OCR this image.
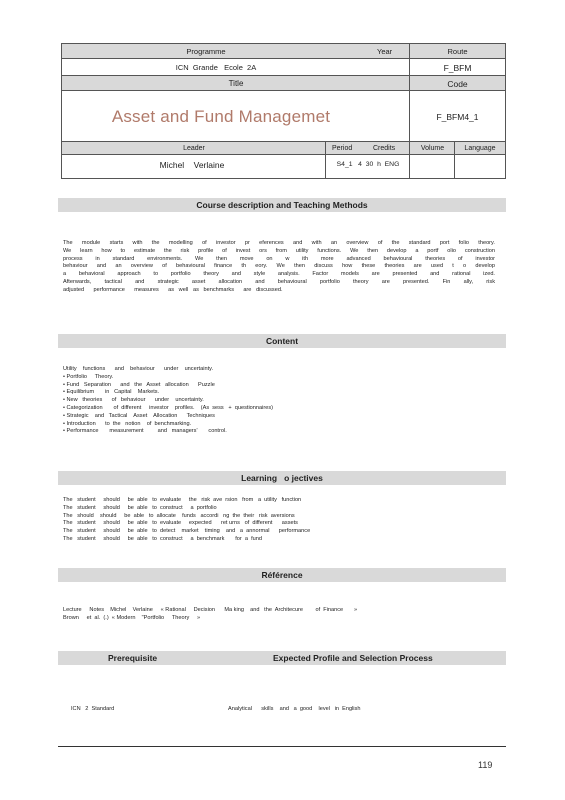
Programme	Year	Route
ICN  Grande   Ecole  2A	F_BFM
Title	Code
Asset and Fund Managemet	F_BFM4_1
Leader	Period	Credits	Volume	Language
Michel    Verlaine	S4_1   4  30  h  ENG
Course description and Teaching Methods
The module starts with the modelling of investor pr eferences and with an overview of the standard port folio theory.
We learn how to estimate the risk profile of invest ors from utility functions. We then develop a portf olio construction
process in standard environments. We then move on w ith more advanced behavioural theories of investor
behaviour and an overview of behavioural finance th eory. We then discuss how these theories are used t o develop
a behavioral approach to portfolio theory and style analysis. Factor models are presented and rational ized.
Afterwards, tactical and strategic asset allocation and behavioural portfolio theory are presented. Fin ally, risk
adjusted      performance      measures      as   well   as   benchmarks      are   discussed.
Content
Utility    functions      and    behaviour      under    uncertainty.
• Portfolio     Theory.
• Fund   Separation      and   the   Asset   allocation      Puzzle
• Equilibrium       in   Capital    Markets.
• New   theories      of   behaviour      under    uncertainty.
• Categorization       of  different     investor    profiles.    (As  sess   +  questionnaires)
• Strategic    and   Tactical    Asset    Allocation      Techniques
• Introduction      to  the   notion    of  benchmarking.
• Performance       measurement         and   managers'       control.
Learning   o jectives
The   student     should     be  able   to  evaluate     the   risk  ave  rsion   from   a  utility   function
The   student     should     be  able   to  construct     a  portfolio
The   should    should     be  able   to  allocate    funds   accordi   ng  the  their   risk  aversions
The   student     should     be  able   to  evaluate     expected      ret urns   of  different      assets
The   student     should     be  able   to  detect    market    timing    and   a  annormal      performance
The   student     should     be  able   to  construct     a  benchmark       for  a  fund
Référence
Lecture     Notes    Michel    Verlaine     « Rational     Decision      Ma king    and   the  Architecure        of  Finance       »
Brown     et  al.  (.)  « Modern    "Portfolio     Theory     »
Prerequisite	Expected Profile and Selection Process
ICN   2  Standard	Analytical      skills    and   a  good    level   in  English
119
